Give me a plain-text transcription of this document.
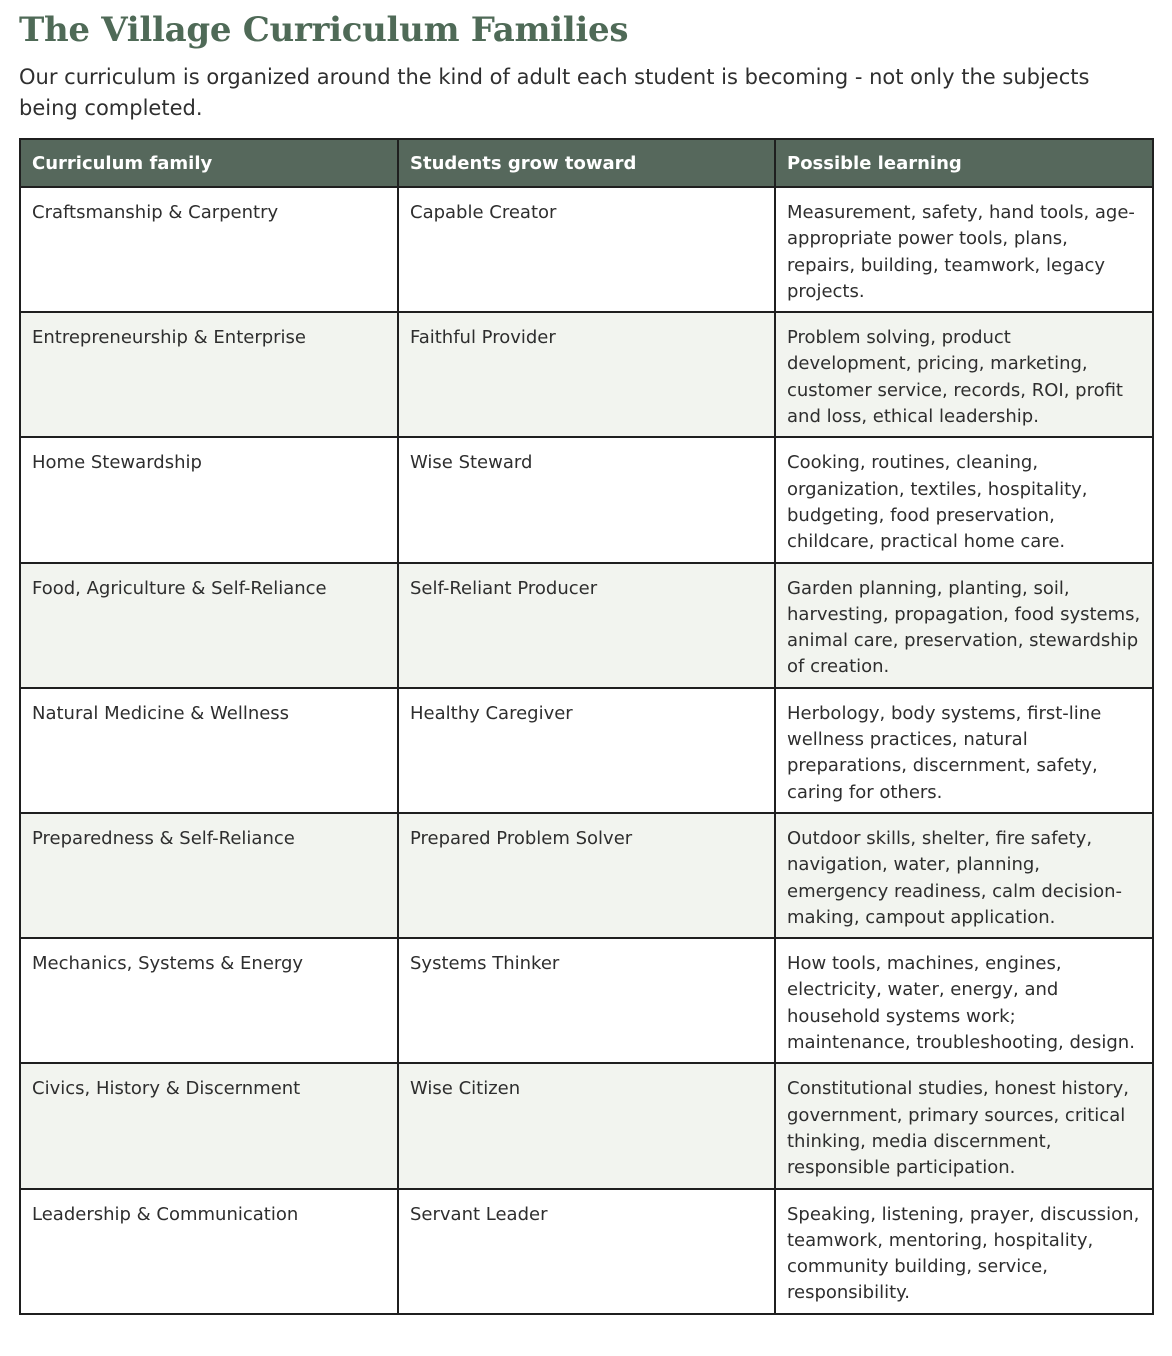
The Village Curriculum Families

Our curriculum is organized around the kind of adult each student is becoming - not only the subjects being completed.

Curriculum family	Students grow toward	Possible learning
Craftsmanship & Carpentry	Capable Creator	Measurement, safety, hand tools, age-appropriate power tools, plans, repairs, building, teamwork, legacy projects.
Entrepreneurship & Enterprise	Faithful Provider	Problem solving, product development, pricing, marketing, customer service, records, ROI, profit and loss, ethical leadership.
Home Stewardship	Wise Steward	Cooking, routines, cleaning, organization, textiles, hospitality, budgeting, food preservation, childcare, practical home care.
Food, Agriculture & Self-Reliance	Self-Reliant Producer	Garden planning, planting, soil, harvesting, propagation, food systems, animal care, preservation, stewardship of creation.
Natural Medicine & Wellness	Healthy Caregiver	Herbology, body systems, first-line wellness practices, natural preparations, discernment, safety, caring for others.
Preparedness & Self-Reliance	Prepared Problem Solver	Outdoor skills, shelter, fire safety, navigation, water, planning, emergency readiness, calm decision-making, campout application.
Mechanics, Systems & Energy	Systems Thinker	How tools, machines, engines, electricity, water, energy, and household systems work; maintenance, troubleshooting, design.
Civics, History & Discernment	Wise Citizen	Constitutional studies, honest history, government, primary sources, critical thinking, media discernment, responsible participation.
Leadership & Communication	Servant Leader	Speaking, listening, prayer, discussion, teamwork, mentoring, hospitality, community building, service, responsibility.
